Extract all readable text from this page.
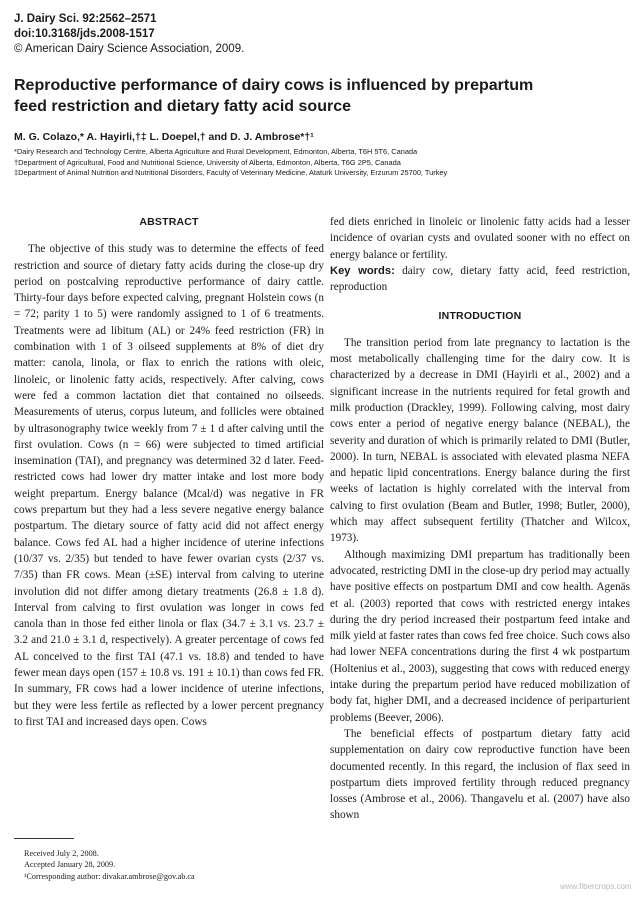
J. Dairy Sci. 92:2562–2571
doi:10.3168/jds.2008-1517
© American Dairy Science Association, 2009.
Reproductive performance of dairy cows is influenced by prepartum
feed restriction and dietary fatty acid source
M. G. Colazo,* A. Hayirli,†‡ L. Doepel,† and D. J. Ambrose*†¹
*Dairy Research and Technology Centre, Alberta Agriculture and Rural Development, Edmonton, Alberta, T6H 5T6, Canada
†Department of Agricultural, Food and Nutritional Science, University of Alberta, Edmonton, Alberta, T6G 2P5, Canada
‡Department of Animal Nutrition and Nutritional Disorders, Faculty of Veterinary Medicine, Ataturk University, Erzurum 25700, Turkey
ABSTRACT

The objective of this study was to determine the effects of feed restriction and source of dietary fatty acids during the close-up dry period on postcalving reproductive performance of dairy cattle. Thirty-four days before expected calving, pregnant Holstein cows (n = 72; parity 1 to 5) were randomly assigned to 1 of 6 treatments. Treatments were ad libitum (AL) or 24% feed restriction (FR) in combination with 1 of 3 oilseed supplements at 8% of diet dry matter: canola, linola, or flax to enrich the rations with oleic, linoleic, or linolenic fatty acids, respectively. After calving, cows were fed a common lactation diet that contained no oilseeds. Measurements of uterus, corpus luteum, and follicles were obtained by ultrasonography twice weekly from 7 ± 1 d after calving until the first ovulation. Cows (n = 66) were subjected to timed artificial insemination (TAI), and pregnancy was determined 32 d later. Feed-restricted cows had lower dry matter intake and lost more body weight prepartum. Energy balance (Mcal/d) was negative in FR cows prepartum but they had a less severe negative energy balance postpartum. The dietary source of fatty acid did not affect energy balance. Cows fed AL had a higher incidence of uterine infections (10/37 vs. 2/35) but tended to have fewer ovarian cysts (2/37 vs. 7/35) than FR cows. Mean (±SE) interval from calving to uterine involution did not differ among dietary treatments (26.8 ± 1.8 d). Interval from calving to first ovulation was longer in cows fed canola than in those fed either linola or flax (34.7 ± 3.1 vs. 23.7 ± 3.2 and 21.0 ± 3.1 d, respectively). A greater percentage of cows fed AL conceived to the first TAI (47.1 vs. 18.8) and tended to have fewer mean days open (157 ± 10.8 vs. 191 ± 10.1) than cows fed FR. In summary, FR cows had a lower incidence of uterine infections, but they were less fertile as reflected by a lower percent pregnancy to first TAI and increased days open. Cows

fed diets enriched in linoleic or linolenic fatty acids had a lesser incidence of ovarian cysts and ovulated sooner with no effect on energy balance or fertility.

Key words: dairy cow, dietary fatty acid, feed restriction, reproduction

INTRODUCTION

The transition period from late pregnancy to lactation is the most metabolically challenging time for the dairy cow. It is characterized by a decrease in DMI (Hayirli et al., 2002) and a significant increase in the nutrients required for fetal growth and milk production (Drackley, 1999). Following calving, most dairy cows enter a period of negative energy balance (NEBAL), the severity and duration of which is primarily related to DMI (Butler, 2000). In turn, NEBAL is associated with elevated plasma NEFA and hepatic lipid concentrations. Energy balance during the first weeks of lactation is highly correlated with the interval from calving to first ovulation (Beam and Butler, 1998; Butler, 2000), which may affect subsequent fertility (Thatcher and Wilcox, 1973).

Although maximizing DMI prepartum has traditionally been advocated, restricting DMI in the close-up dry period may actually have positive effects on postpartum DMI and cow health. Agenäs et al. (2003) reported that cows with restricted energy intakes during the dry period increased their postpartum feed intake and milk yield at faster rates than cows fed free choice. Such cows also had lower NEFA concentrations during the first 4 wk postpartum (Holtenius et al., 2003), suggesting that cows with reduced energy intake during the prepartum period have reduced mobilization of body fat, higher DMI, and a decreased incidence of periparturient problems (Beever, 2006).

The beneficial effects of postpartum dietary fatty acid supplementation on dairy cow reproductive function have been documented recently. In this regard, the inclusion of flax seed in postpartum diets improved fertility through reduced pregnancy losses (Ambrose et al., 2006). Thangavelu et al. (2007) have also shown

Received July 2, 2008.
Accepted January 28, 2009.
¹Corresponding author: divakar.ambrose@gov.ab.ca
www.fibercrops.com
